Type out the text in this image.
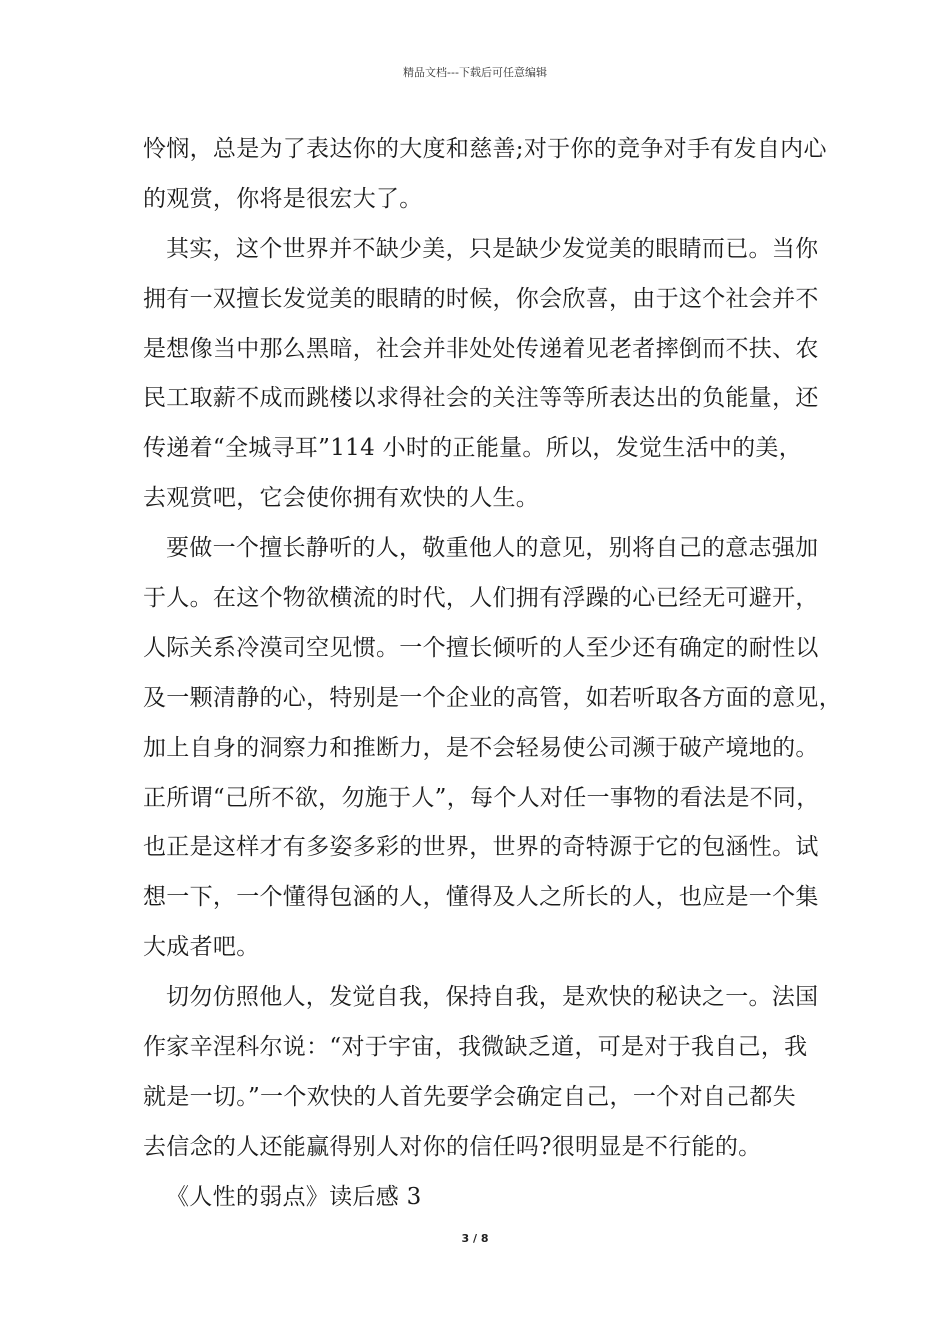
精品文档---下载后可任意编辑
怜悯，总是为了表达你的大度和慈善;对于你的竞争对手有发自内心
的观赏，你将是很宏大了。
其实，这个世界并不缺少美，只是缺少发觉美的眼睛而已。当你
拥有一双擅长发觉美的眼睛的时候，你会欣喜，由于这个社会并不
是想像当中那么黑暗，社会并非处处传递着见老者摔倒而不扶、农
民工取薪不成而跳楼以求得社会的关注等等所表达出的负能量，还
传递着“全城寻耳”114 小时的正能量。所以，发觉生活中的美，
去观赏吧，它会使你拥有欢快的人生。
要做一个擅长静听的人，敬重他人的意见，别将自己的意志强加
于人。在这个物欲横流的时代，人们拥有浮躁的心已经无可避开，
人际关系冷漠司空见惯。一个擅长倾听的人至少还有确定的耐性以
及一颗清静的心，特别是一个企业的高管，如若听取各方面的意见，
加上自身的洞察力和推断力，是不会轻易使公司濒于破产境地的。
正所谓“己所不欲，勿施于人”，每个人对任一事物的看法是不同，
也正是这样才有多姿多彩的世界，世界的奇特源于它的包涵性。试
想一下，一个懂得包涵的人，懂得及人之所长的人，也应是一个集
大成者吧。
切勿仿照他人，发觉自我，保持自我，是欢快的秘诀之一。法国
作家辛涅科尔说：“对于宇宙，我微缺乏道，可是对于我自己，我
就是一切。”一个欢快的人首先要学会确定自己，一个对自己都失
去信念的人还能赢得别人对你的信任吗?很明显是不行能的。
《人性的弱点》读后感 3
3 / 8
